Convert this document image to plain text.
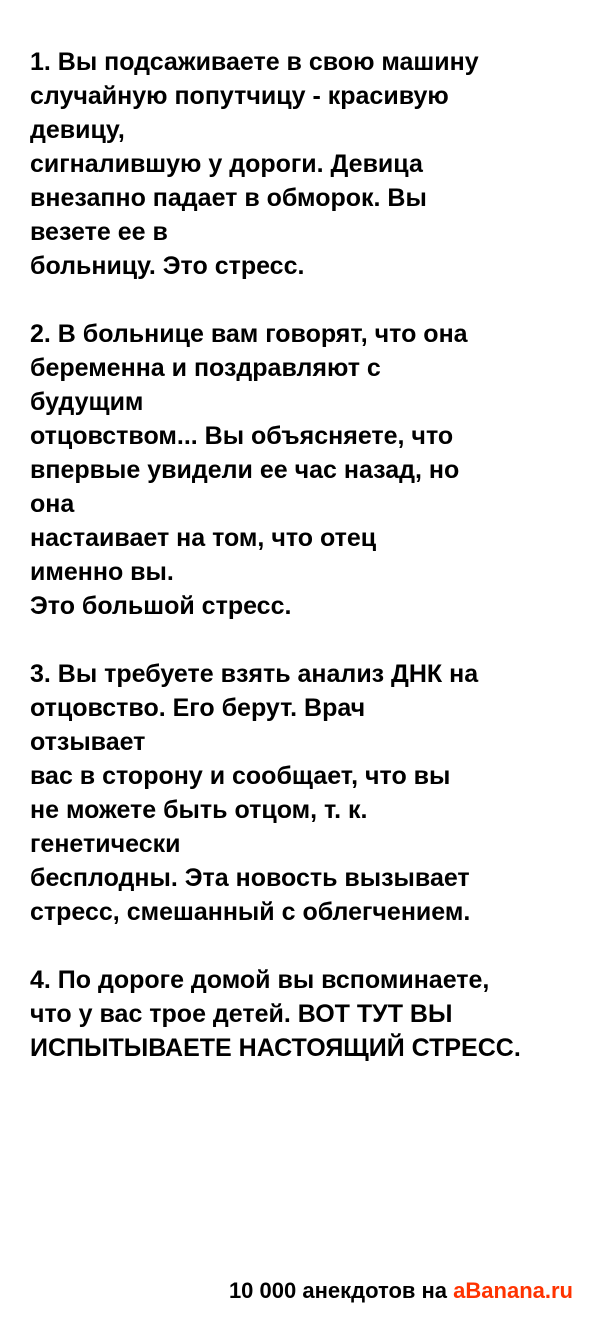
1. Вы подсаживаете в свою машину
случайную попутчицу - красивую
девицу,
сигналившую у дороги. Девица
внезапно падает в обморок. Вы
везете ее в
больницу. Это стресс.
2. В больнице вам говорят, что она
беременна и поздравляют с
будущим
отцовством... Вы объясняете, что
впервые увидели ее час назад, но
она
настаивает на том, что отец
именно вы.
Это большой стресс.
3. Вы требуете взять анализ ДНК на
отцовство. Его берут. Врач
отзывает
вас в сторону и сообщает, что вы
не можете быть отцом, т. к.
генетически
бесплодны. Эта новость вызывает
стресс, смешанный с облегчением.
4. По дороге домой вы вспоминаете,
что у вас трое детей. ВОТ ТУТ ВЫ
ИСПЫТЫВАЕТЕ НАСТОЯЩИЙ СТРЕСС.
10 000 анекдотов на aBanana.ru
